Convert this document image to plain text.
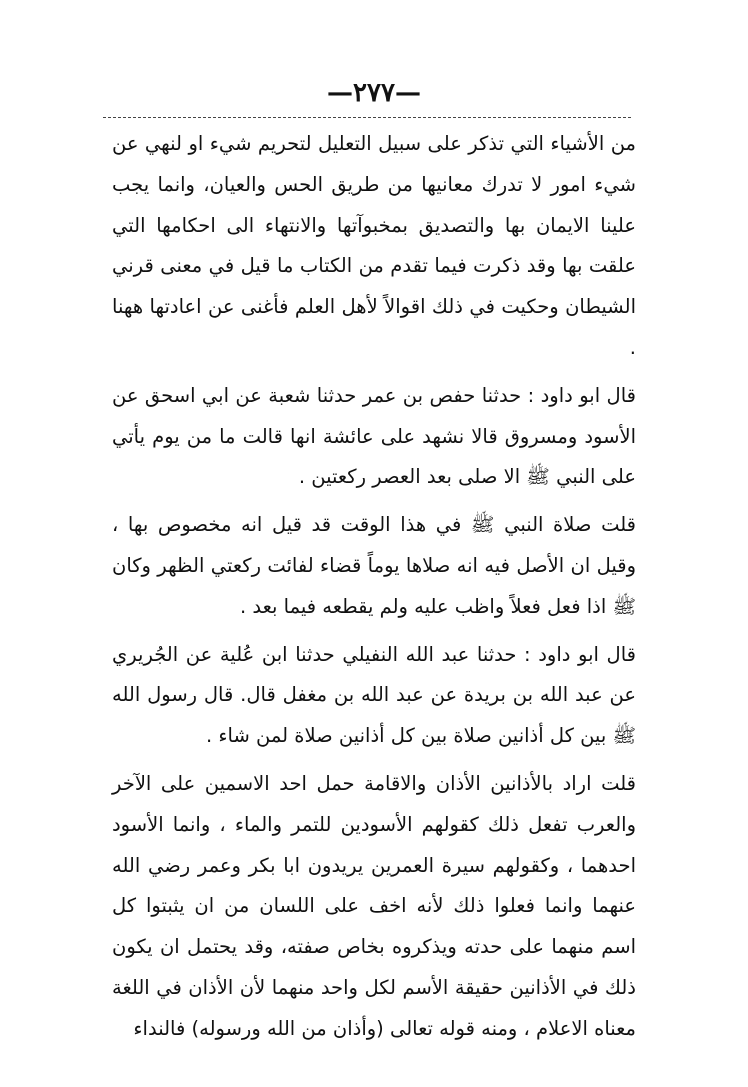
—٢٧٧—

من الأشياء التي تذكر على سبيل التعليل لتحريم شيء او لنهي عن شيء امور لا تدرك معانيها من طريق الحس والعيان، وانما يجب علينا الايمان بها والتصديق بمخبوآتها والانتهاء الى احكامها التي علقت بها وقد ذكرت فيما تقدم من الكتاب ما قيل في معنى قرني الشيطان وحكيت في ذلك اقوالاً لأهل العلم فأغنى عن اعادتها ههنا .

قال ابو داود : حدثنا حفص بن عمر حدثنا شعبة عن ابي اسحق عن الأسود ومسروق قالا نشهد على عائشة انها قالت ما من يوم يأتي على النبي ﷺ الا صلى بعد العصر ركعتين .

قلت صلاة النبي ﷺ في هذا الوقت قد قيل انه مخصوص بها ، وقيل ان الأصل فيه انه صلاها يوماً قضاء لفائت ركعتي الظهر وكان ﷺ اذا فعل فعلاً واظب عليه ولم يقطعه فيما بعد .

قال ابو داود : حدثنا عبد الله النفيلي حدثنا ابن عُلية عن الجُريري عن عبد الله بن بريدة عن عبد الله بن مغفل قال. قال رسول الله ﷺ بين كل أذانين صلاة بين كل أذانين صلاة لمن شاء .

قلت اراد بالأذانين الأذان والاقامة حمل احد الاسمين على الآخر والعرب تفعل ذلك كقولهم الأسودين للتمر والماء ، وانما الأسود احدهما ، وكقولهم سيرة العمرين يريدون ابا بكر وعمر رضي الله عنهما وانما فعلوا ذلك لأنه اخف على اللسان من ان يثبتوا كل اسم منهما على حدته ويذكروه بخاص صفته، وقد يحتمل ان يكون ذلك في الأذانين حقيقة الأسم لكل واحد منهما لأن الأذان في اللغة معناه الاعلام ، ومنه قوله تعالى (وأذان من الله ورسوله) فالنداء
